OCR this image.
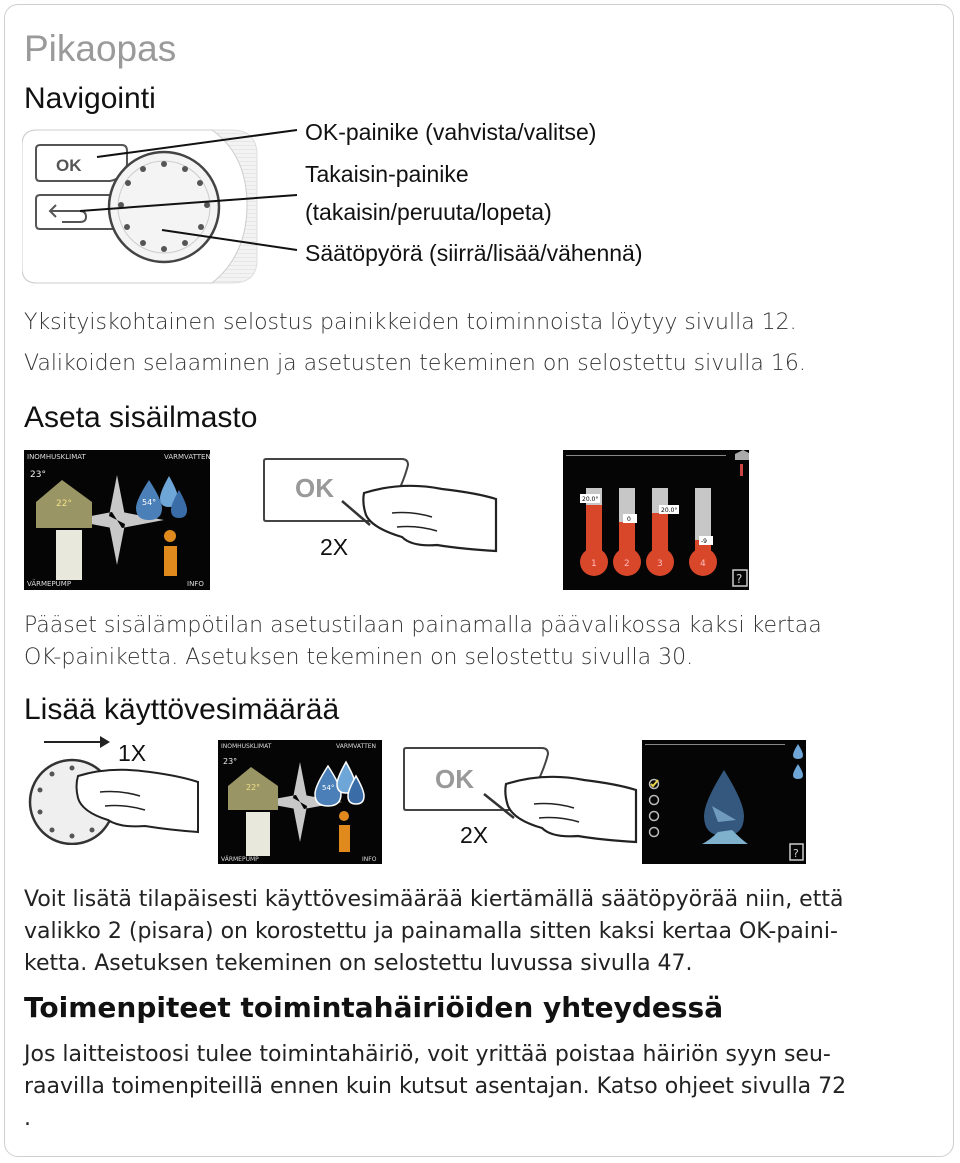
Pikaopas
Navigointi
OK
OK-painike (vahvista/valitse)
Takaisin-painike
(takaisin/peruuta/lopeta)
Säätöpyörä (siirrä/lisää/vähennä)
Yksityiskohtainen selostus painikkeiden toiminnoista löytyy sivulla 12.
Valikoiden selaaminen ja asetusten tekeminen on selostettu sivulla 16.
Aseta sisäilmasto
INOMHUSKLIMAT	VARMVATTEN
VÄRMEPUMP	INFO
22°
23°
54°	OK
2X
20.0°
0
20.0°
-9
1	2	3	4
?
Pääset sisälämpötilan asetustilaan painamalla päävalikossa kaksi kertaa
OK-painiketta. Asetuksen tekeminen on selostettu sivulla 30.
Lisää käyttövesimäärää
1X	INOMHUSKLIMAT	VARMVATTEN
VÄRMEPUMP	INFO
22°
23°
54°	OK
2X
?
Voit lisätä tilapäisesti käyttövesimäärää kiertämällä säätöpyörää niin, että
valikko 2 (pisara) on korostettu ja painamalla sitten kaksi kertaa OK-paini-
ketta. Asetuksen tekeminen on selostettu luvussa sivulla 47.
Toimenpiteet toimintahäiriöiden yhteydessä
Jos laitteistoosi tulee toimintahäiriö, voit yrittää poistaa häiriön syyn seu-
raavilla toimenpiteillä ennen kuin kutsut asentajan. Katso ohjeet sivulla 72
.
